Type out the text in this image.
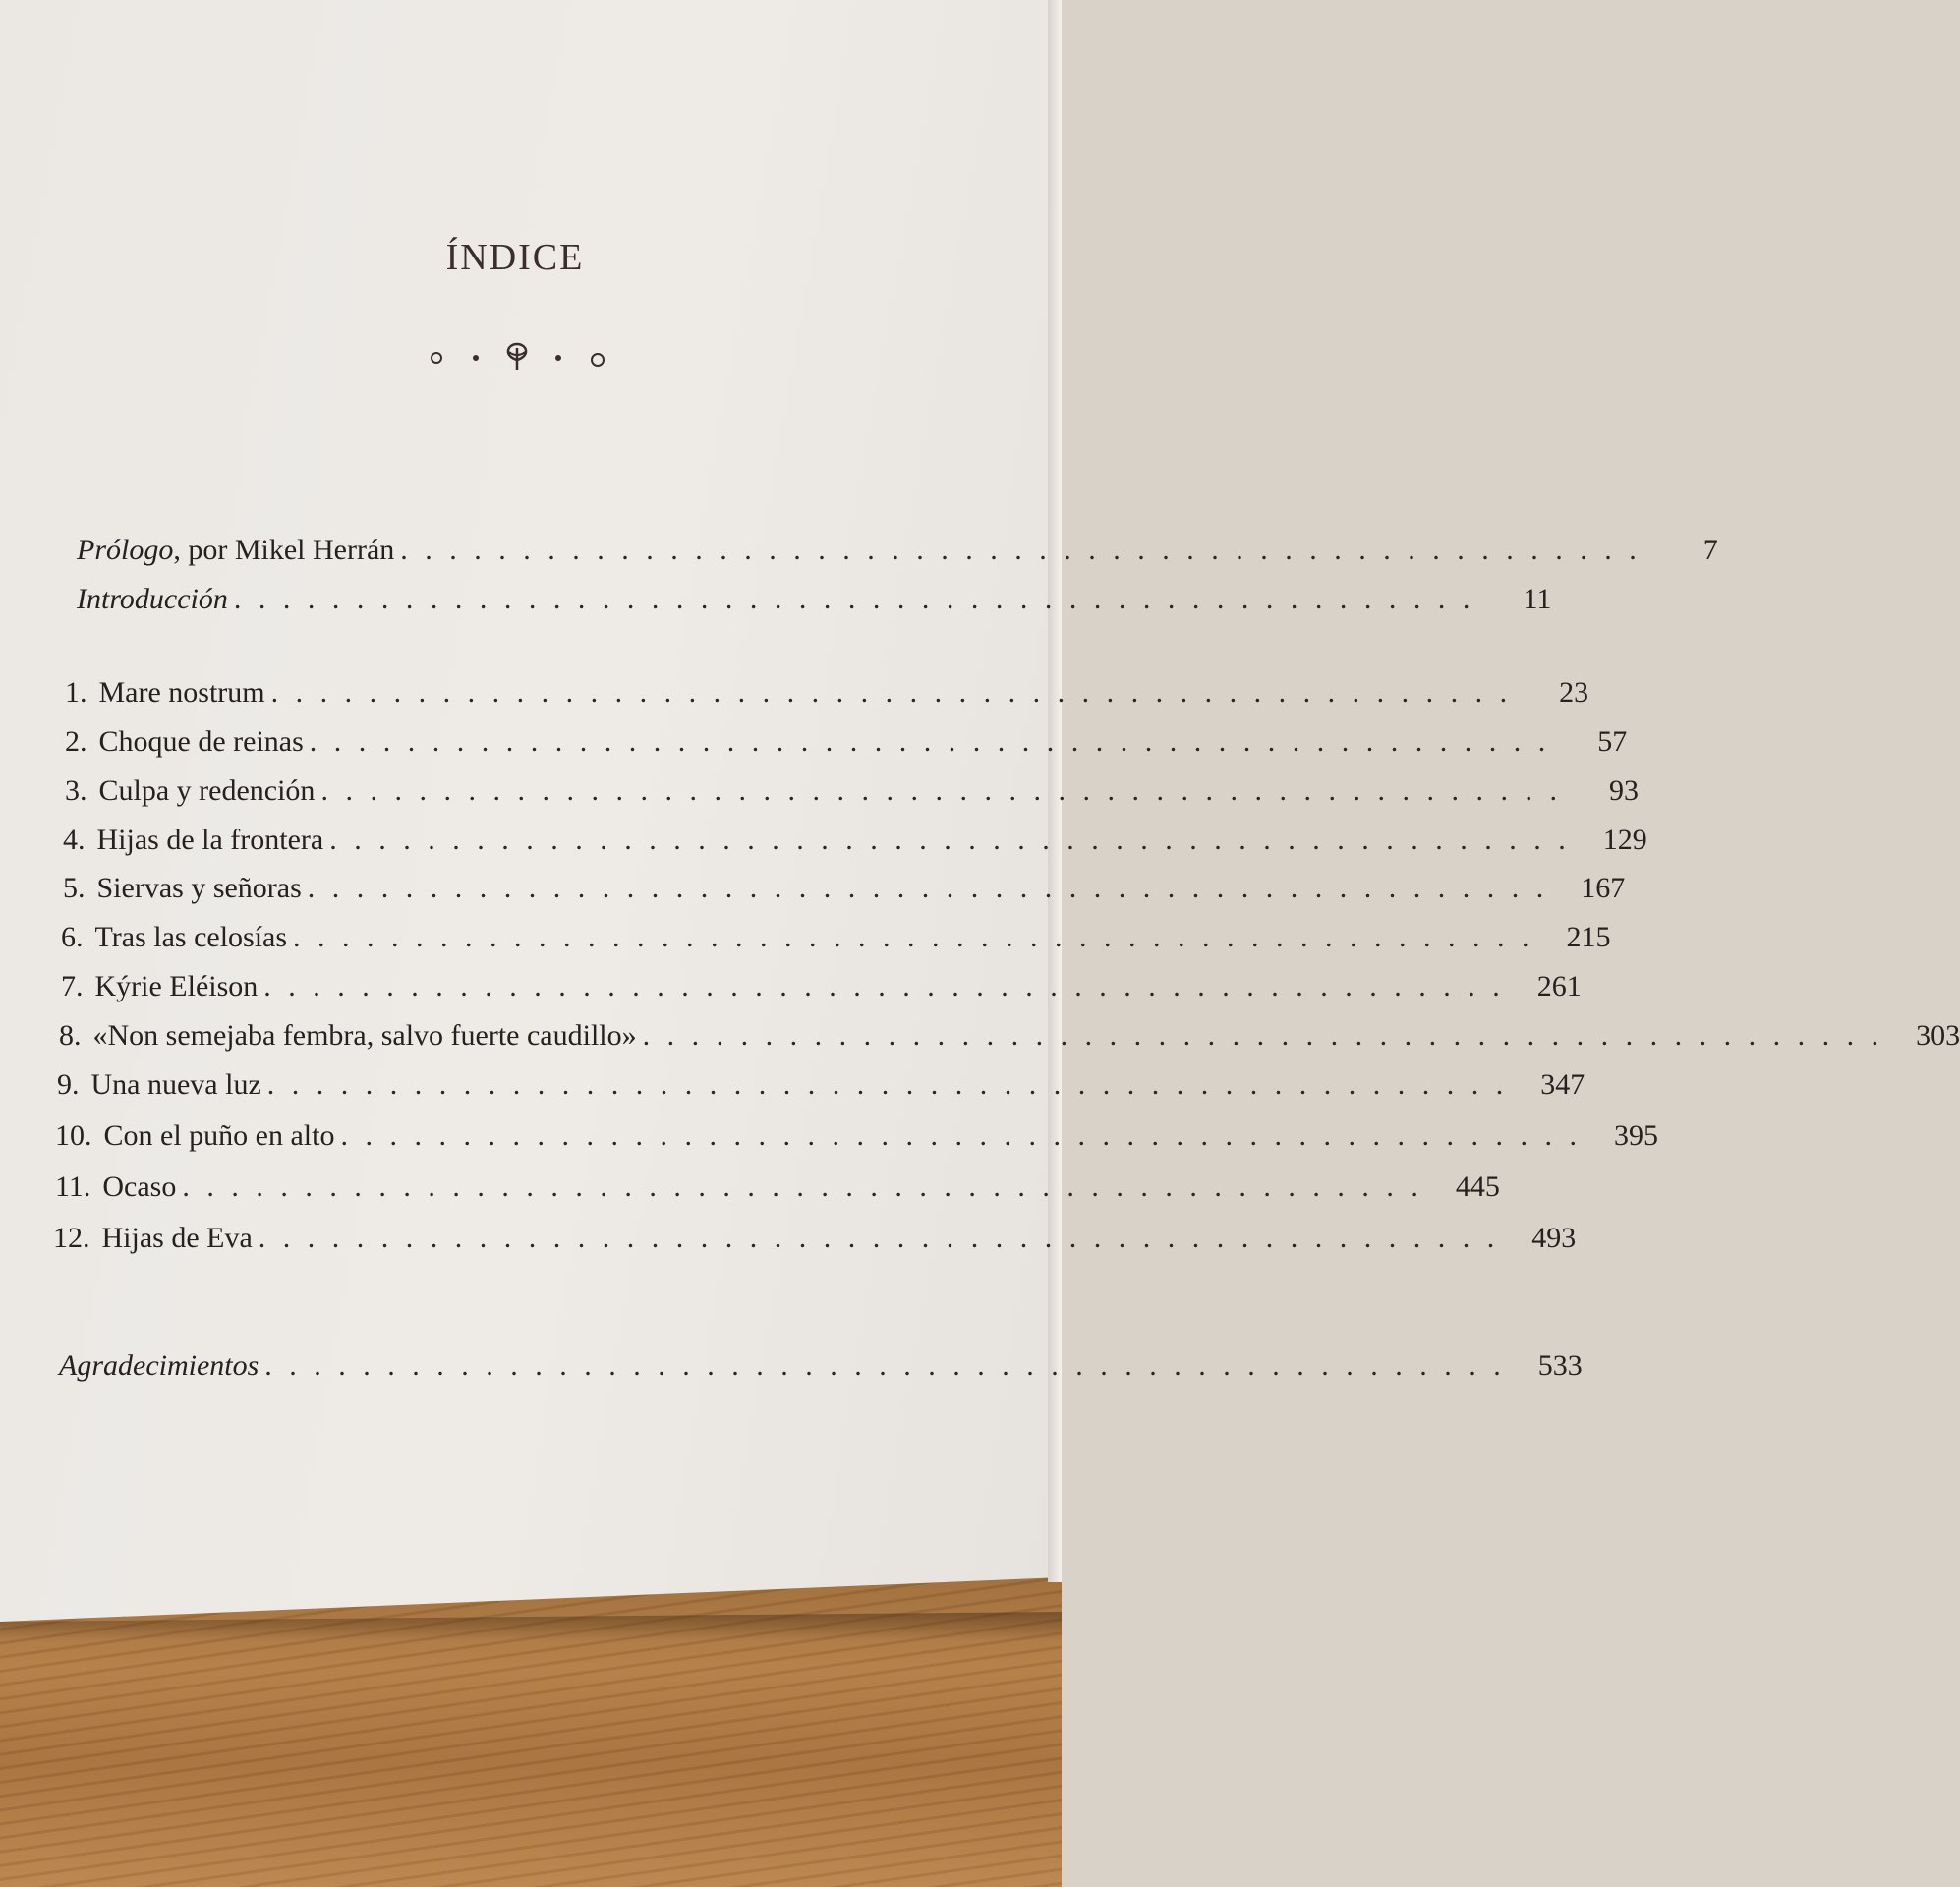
ÍNDICE
Prólogo, por Mikel Herrán . . . . . . . . . . . . . . . . . . . . . . . . . . . . . . . . . . . . . . . . . . . . . . . . . . .	7
Introducción . . . . . . . . . . . . . . . . . . . . . . . . . . . . . . . . . . . . . . . . . . . . . . . . . . .	11
1. Mare nostrum . . . . . . . . . . . . . . . . . . . . . . . . . . . . . . . . . . . . . . . . . . . . . . . . . . .	23
2. Choque de reinas . . . . . . . . . . . . . . . . . . . . . . . . . . . . . . . . . . . . . . . . . . . . . . . . . . .	57
3. Culpa y redención . . . . . . . . . . . . . . . . . . . . . . . . . . . . . . . . . . . . . . . . . . . . . . . . . . .	93
4. Hijas de la frontera . . . . . . . . . . . . . . . . . . . . . . . . . . . . . . . . . . . . . . . . . . . . . . . . . . .	129
5. Siervas y señoras . . . . . . . . . . . . . . . . . . . . . . . . . . . . . . . . . . . . . . . . . . . . . . . . . . .	167
6. Tras las celosías . . . . . . . . . . . . . . . . . . . . . . . . . . . . . . . . . . . . . . . . . . . . . . . . . . .	215
7. Kýrie Eléison . . . . . . . . . . . . . . . . . . . . . . . . . . . . . . . . . . . . . . . . . . . . . . . . . . .	261
8. «Non semejaba fembra, salvo fuerte caudillo» . . . . . . . . . . . . . . . . . . . . . . . . . . . . . . . . . . . . . . . . . . . . . . . . . . .	303
9. Una nueva luz . . . . . . . . . . . . . . . . . . . . . . . . . . . . . . . . . . . . . . . . . . . . . . . . . . .	347
10. Con el puño en alto . . . . . . . . . . . . . . . . . . . . . . . . . . . . . . . . . . . . . . . . . . . . . . . . . . .	395
11. Ocaso . . . . . . . . . . . . . . . . . . . . . . . . . . . . . . . . . . . . . . . . . . . . . . . . . . .	445
12. Hijas de Eva . . . . . . . . . . . . . . . . . . . . . . . . . . . . . . . . . . . . . . . . . . . . . . . . . . .	493
Agradecimientos . . . . . . . . . . . . . . . . . . . . . . . . . . . . . . . . . . . . . . . . . . . . . . . . . . .	533
